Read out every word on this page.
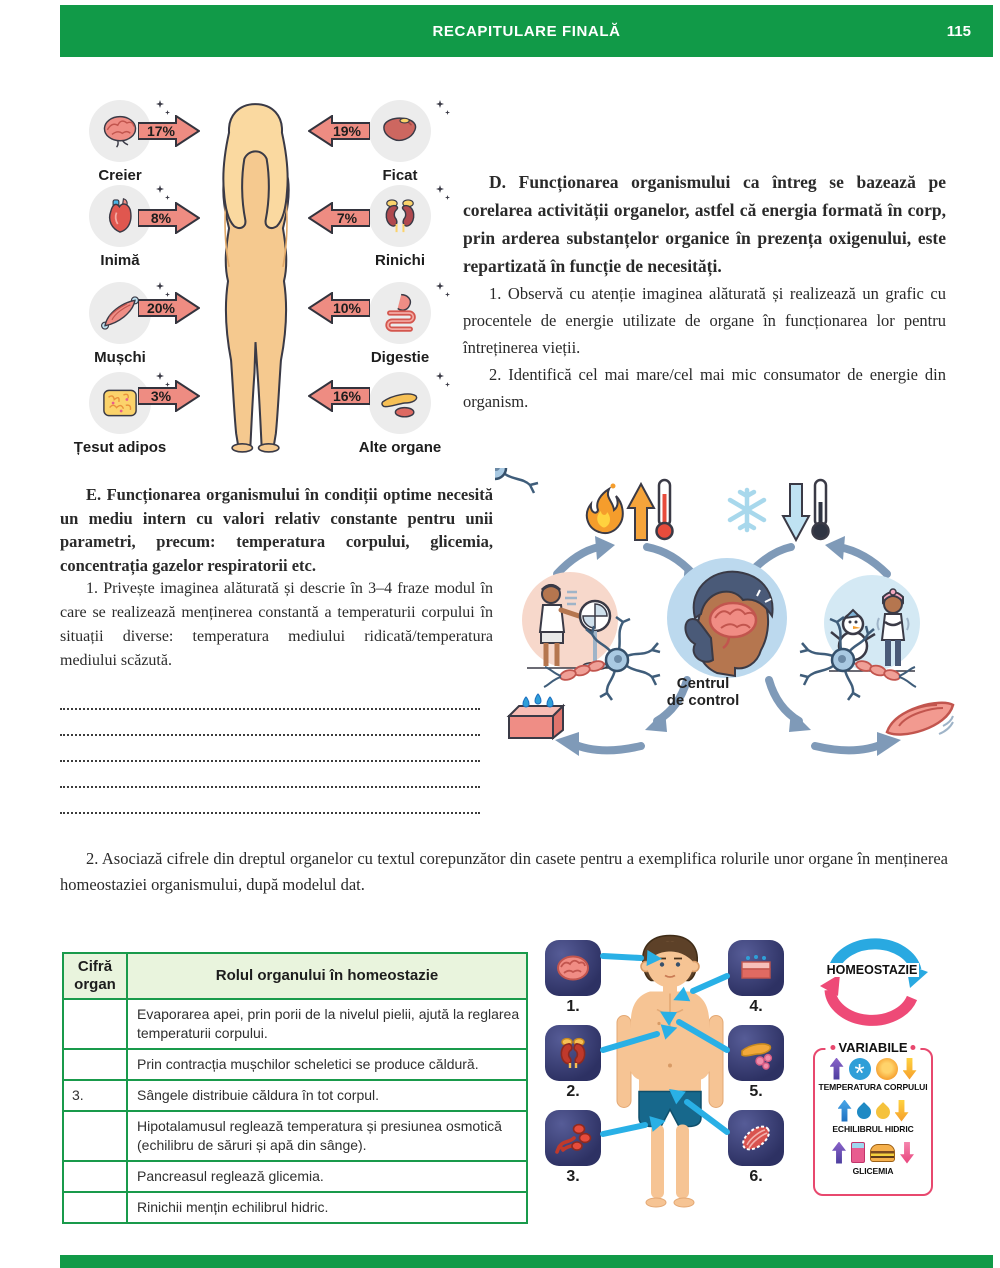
RECAPITULARE FINALĂ	115
Creier
Inimă
Mușchi
Țesut adipos
Ficat
Rinichi
Digestie
Alte organe
17%
8%
20%
3%
19%
7%
10%
16%

D. Funcționarea organismului ca întreg se bazează pe corelarea activității organelor, astfel că energia formată în corp, prin arderea substanțelor organice în prezența oxigenului, este repartizată în funcție de necesități.

1. Observă cu atenție imaginea alăturată și realizează un grafic cu procentele de energie utilizate de organe în funcționarea lor pentru întreținerea vieții.

2. Identifică cel mai mare/cel mai mic consumator de energie din organism.

E. Funcționarea organismului în condiții optime necesită un mediu intern cu valori relativ constante pentru unii parametri, precum: temperatura corpului, glicemia, concentrația gazelor respiratorii etc.

1. Privește imaginea alăturată și descrie în 3–4 fraze modul în care se realizează menținerea constantă a temperaturii corpului în situații diverse: temperatura mediului ridicată/temperatura mediului scăzută.

Centrul
de control

2. Asociază cifrele din dreptul organelor cu textul corepunzător din casete pentru a exemplifica rolurile unor organe în menținerea homeostaziei organismului, după modelul dat.

Cifră organ	Rolul organului în homeostazie
	Evaporarea apei, prin porii de la nivelul pielii, ajută la reglarea temperaturii corpului.
	Prin contracția mușchilor scheletici se produce căldură.
3.	Sângele distribuie căldura în tot corpul.
	Hipotalamusul reglează temperatura și presiunea osmotică (echilibru de săruri și apă din sânge).
	Pancreasul reglează glicemia.
	Rinichii mențin echilibrul hidric.
1.
2.
3.
4.
5.
6.
HOMEOSTAZIE
VARIABILE
*
TEMPERATURA CORPULUI
ECHILIBRUL HIDRIC
GLICEMIA
